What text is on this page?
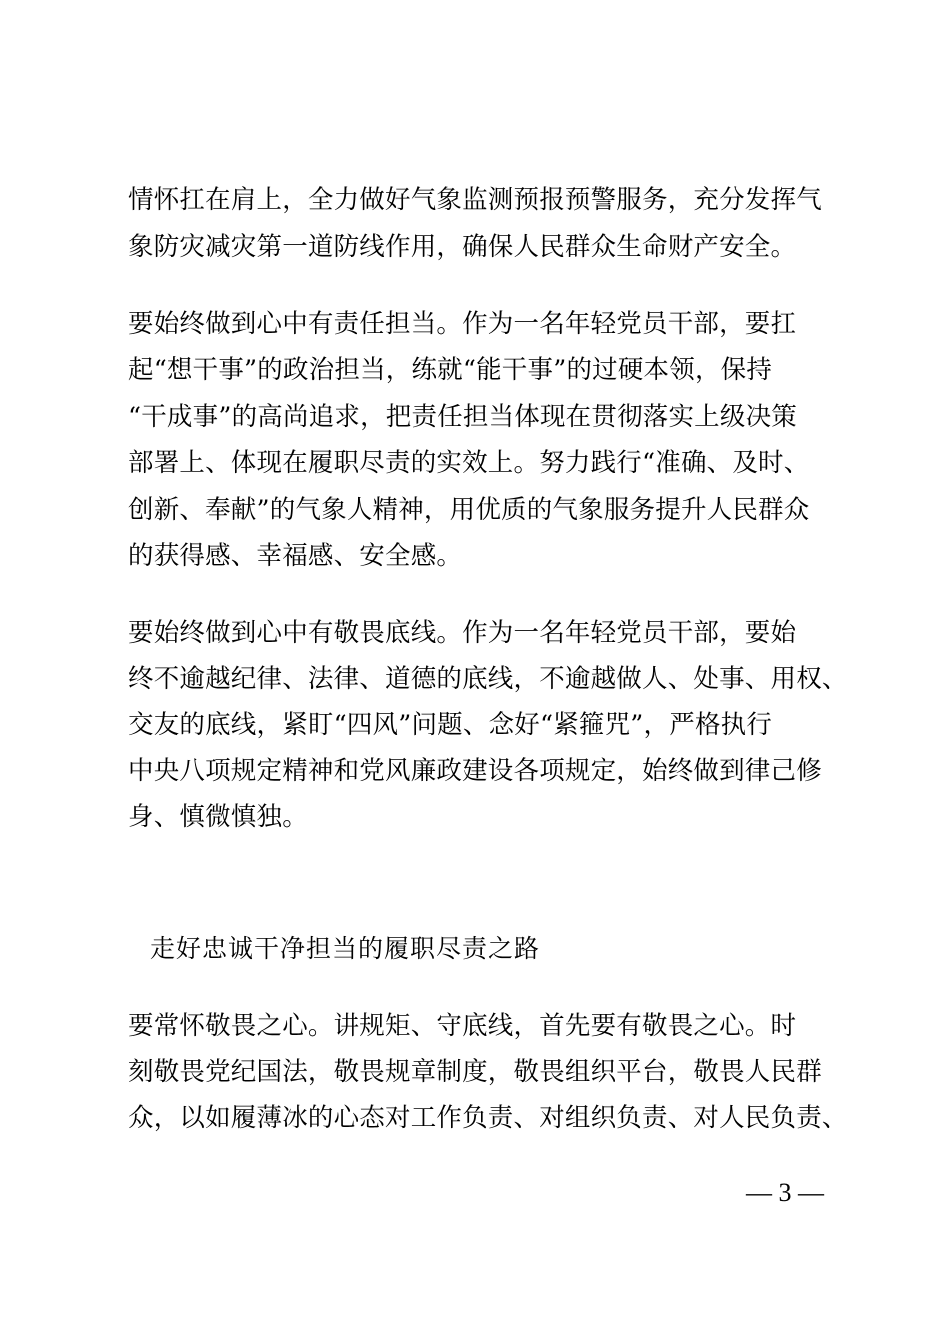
情怀扛在肩上，全力做好气象监测预报预警服务，充分发挥气
象防灾减灾第一道防线作用，确保人民群众生命财产安全。
要始终做到心中有责任担当。作为一名年轻党员干部，要扛
起“想干事”的政治担当，练就“能干事”的过硬本领，保持
“干成事”的高尚追求，把责任担当体现在贯彻落实上级决策
部署上、体现在履职尽责的实效上。努力践行“准确、及时、
创新、奉献”的气象人精神，用优质的气象服务提升人民群众
的获得感、幸福感、安全感。
要始终做到心中有敬畏底线。作为一名年轻党员干部，要始
终不逾越纪律、法律、道德的底线，不逾越做人、处事、用权、
交友的底线，紧盯“四风”问题、念好“紧箍咒”，严格执行
中央八项规定精神和党风廉政建设各项规定，始终做到律己修
身、慎微慎独。
走好忠诚干净担当的履职尽责之路
要常怀敬畏之心。讲规矩、守底线，首先要有敬畏之心。时
刻敬畏党纪国法，敬畏规章制度，敬畏组织平台，敬畏人民群
众，以如履薄冰的心态对工作负责、对组织负责、对人民负责、
— 3 —
